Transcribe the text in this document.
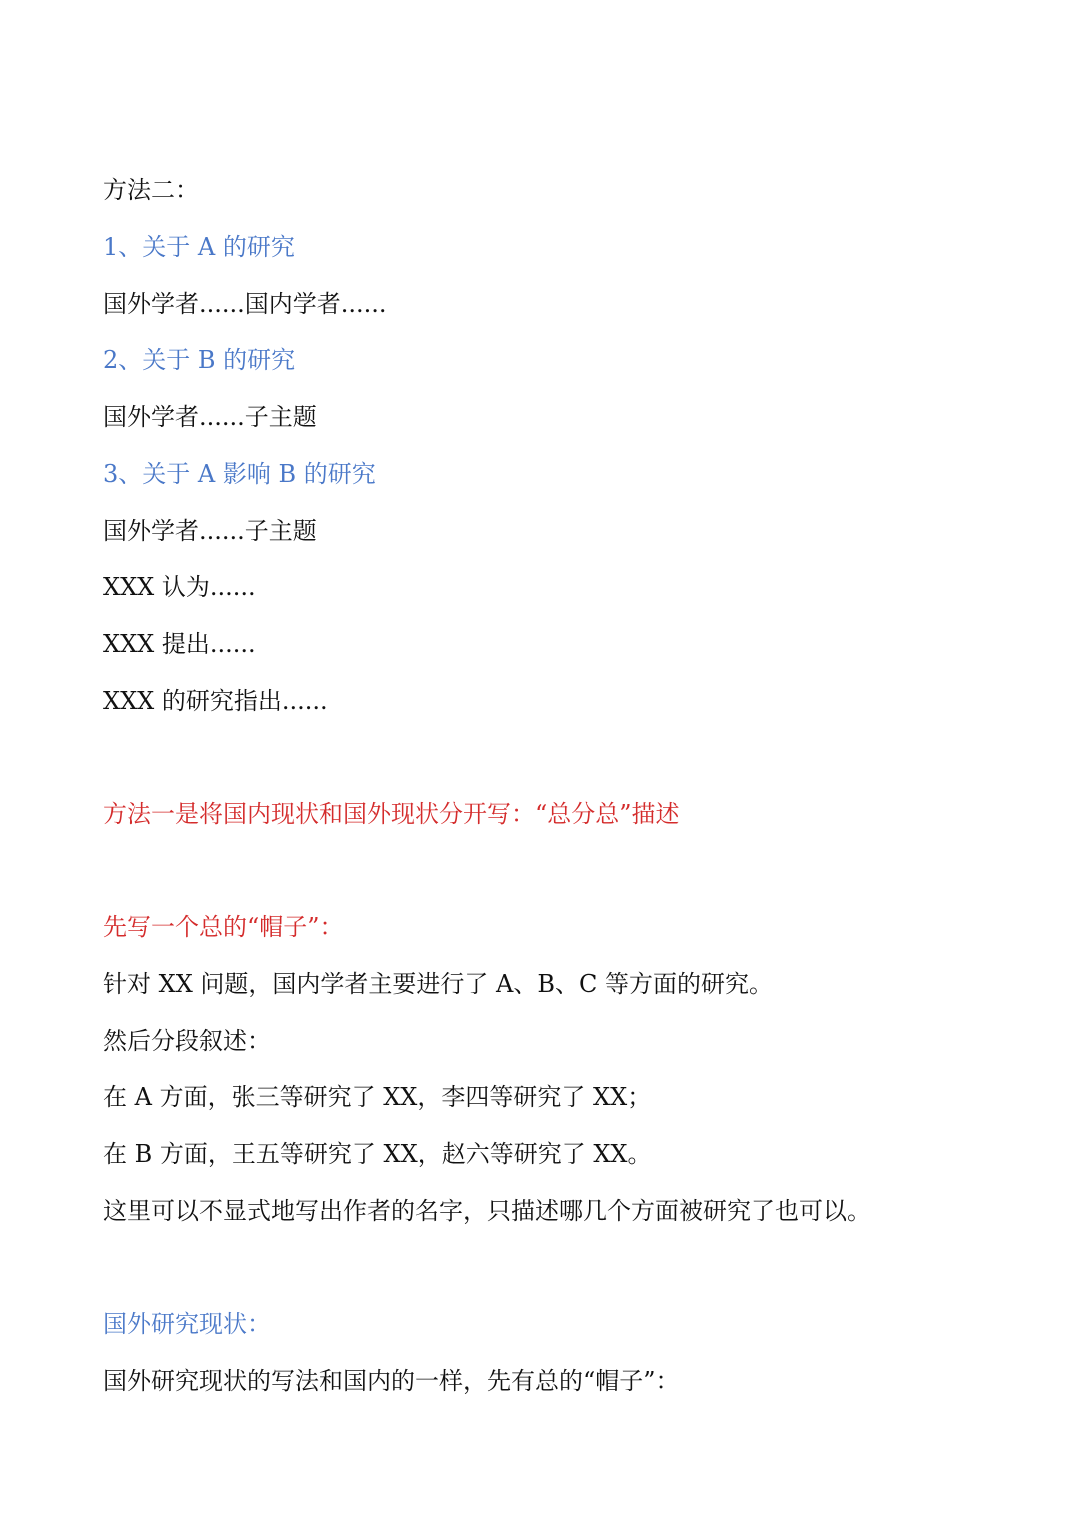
方法二：
1、关于 A 的研究
国外学者......国内学者......
2、关于 B 的研究
国外学者......子主题
3、关于 A 影响 B 的研究
国外学者......子主题
XXX 认为......
XXX 提出......
XXX 的研究指出......
方法一是将国内现状和国外现状分开写：“总分总”描述
先写一个总的“帽子”：
针对 XX 问题，国内学者主要进行了 A、B、C 等方面的研究。
然后分段叙述：
在 A 方面，张三等研究了 XX，李四等研究了 XX；
在 B 方面，王五等研究了 XX，赵六等研究了 XX。
这里可以不显式地写出作者的名字，只描述哪几个方面被研究了也可以。
国外研究现状：
国外研究现状的写法和国内的一样，先有总的“帽子”：
